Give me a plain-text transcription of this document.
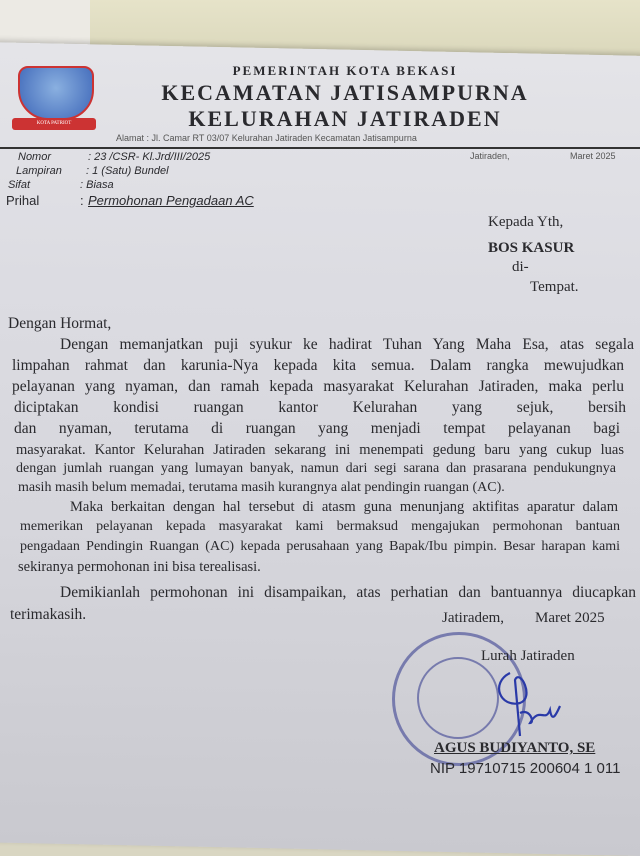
KOTA PATRIOT
PEMERINTAH KOTA BEKASI
KECAMATAN JATISAMPURNA
KELURAHAN JATIRADEN
Alamat : Jl. Camar RT 03/07 Kelurahan Jatiraden Kecamatan Jatisampurna
Nomor	: 23 /CSR- Kl.Jrd/III/2025
Lampiran : 1 (Satu) Bundel
Sifat	: Biasa
Prihal	: Permohonan Pengadaan AC
Jatiraden,	Maret 2025
Kepada Yth,
BOS KASUR
di-
Tempat.
Dengan Hormat,
Dengan memanjatkan puji syukur ke hadirat Tuhan Yang Maha Esa, atas segala
limpahan rahmat dan karunia-Nya kepada kita semua. Dalam rangka mewujudkan
pelayanan yang nyaman, dan ramah kepada masyarakat Kelurahan Jatiraden, maka perlu
diciptakan kondisi ruangan kantor Kelurahan yang sejuk, bersih
dan nyaman, terutama di ruangan yang menjadi tempat pelayanan bagi
masyarakat. Kantor Kelurahan Jatiraden sekarang ini menempati gedung baru yang cukup luas
dengan jumlah ruangan yang lumayan banyak, namun dari segi sarana dan prasarana pendukungnya
masih masih belum memadai, terutama masih kurangnya alat pendingin ruangan (AC).
Maka berkaitan dengan hal tersebut di atasm guna menunjang aktifitas aparatur dalam
memerikan pelayanan kepada masyarakat kami bermaksud mengajukan permohonan bantuan
pengadaan Pendingin Ruangan (AC) kepada perusahaan yang Bapak/Ibu pimpin. Besar harapan kami
sekiranya permohonan ini bisa terealisasi.
Demikianlah permohonan ini disampaikan, atas perhatian dan bantuannya diucapkan
terimakasih.	Jatiradem, Maret 2025
Lurah Jatiraden
AGUS BUDIYANTO, SE
NIP 19710715 200604 1 011
